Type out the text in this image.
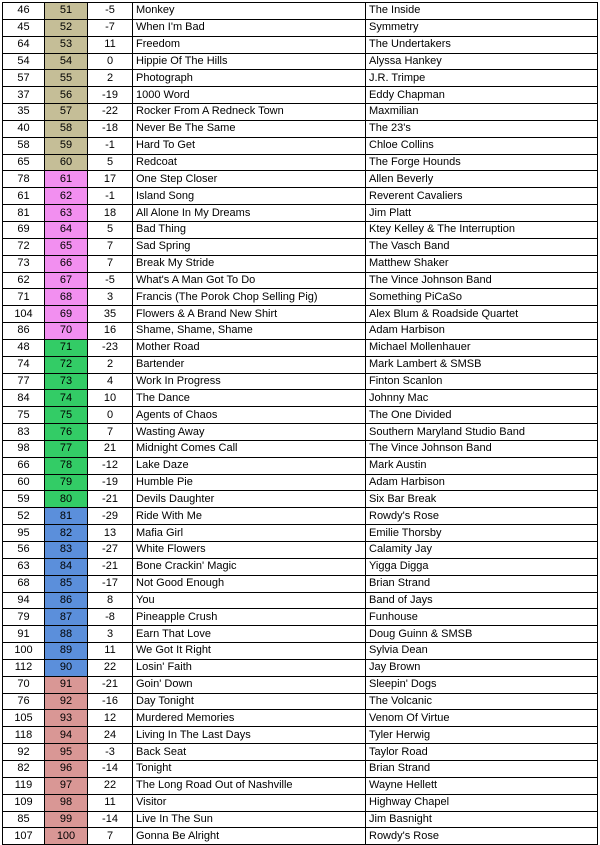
46	51	-5	Monkey	The Inside
45	52	-7	When I'm Bad	Symmetry
64	53	11	Freedom	The Undertakers
54	54	0	Hippie Of The Hills	Alyssa Hankey
57	55	2	Photograph	J.R. Trimpe
37	56	-19	1000 Word	Eddy Chapman
35	57	-22	Rocker From A Redneck Town	Maxmilian
40	58	-18	Never Be The Same	The 23's
58	59	-1	Hard To Get	Chloe Collins
65	60	5	Redcoat	The Forge Hounds
78	61	17	One Step Closer	Allen Beverly
61	62	-1	Island Song	Reverent Cavaliers
81	63	18	All Alone In My Dreams	Jim Platt
69	64	5	Bad Thing	Ktey Kelley & The Interruption
72	65	7	Sad Spring	The Vasch Band
73	66	7	Break My Stride	Matthew Shaker
62	67	-5	What's A Man Got To Do	The Vince Johnson Band
71	68	3	Francis (The Porok Chop Selling Pig)	Something PiCaSo
104	69	35	Flowers & A Brand New Shirt	Alex Blum & Roadside Quartet
86	70	16	Shame, Shame, Shame	Adam Harbison
48	71	-23	Mother Road	Michael Mollenhauer
74	72	2	Bartender	Mark Lambert & SMSB
77	73	4	Work In Progress	Finton Scanlon
84	74	10	The Dance	Johnny Mac
75	75	0	Agents of Chaos	The One Divided
83	76	7	Wasting Away	Southern Maryland Studio Band
98	77	21	Midnight Comes Call	The Vince Johnson Band
66	78	-12	Lake Daze	Mark Austin
60	79	-19	Humble Pie	Adam Harbison
59	80	-21	Devils Daughter	Six Bar Break
52	81	-29	Ride With Me	Rowdy's Rose
95	82	13	Mafia Girl	Emilie Thorsby
56	83	-27	White Flowers	Calamity Jay
63	84	-21	Bone Crackin' Magic	Yigga Digga
68	85	-17	Not Good Enough	Brian Strand
94	86	8	You	Band of Jays
79	87	-8	Pineapple Crush	Funhouse
91	88	3	Earn That Love	Doug Guinn & SMSB
100	89	11	We Got It Right	Sylvia Dean
112	90	22	Losin' Faith	Jay Brown
70	91	-21	Goin' Down	Sleepin' Dogs
76	92	-16	Day Tonight	The Volcanic
105	93	12	Murdered Memories	Venom Of Virtue
118	94	24	Living In The Last Days	Tyler Herwig
92	95	-3	Back Seat	Taylor Road
82	96	-14	Tonight	Brian Strand
119	97	22	The Long Road Out of Nashville	Wayne Hellett
109	98	11	Visitor	Highway Chapel
85	99	-14	Live In The Sun	Jim Basnight
107	100	7	Gonna Be Alright	Rowdy's Rose
